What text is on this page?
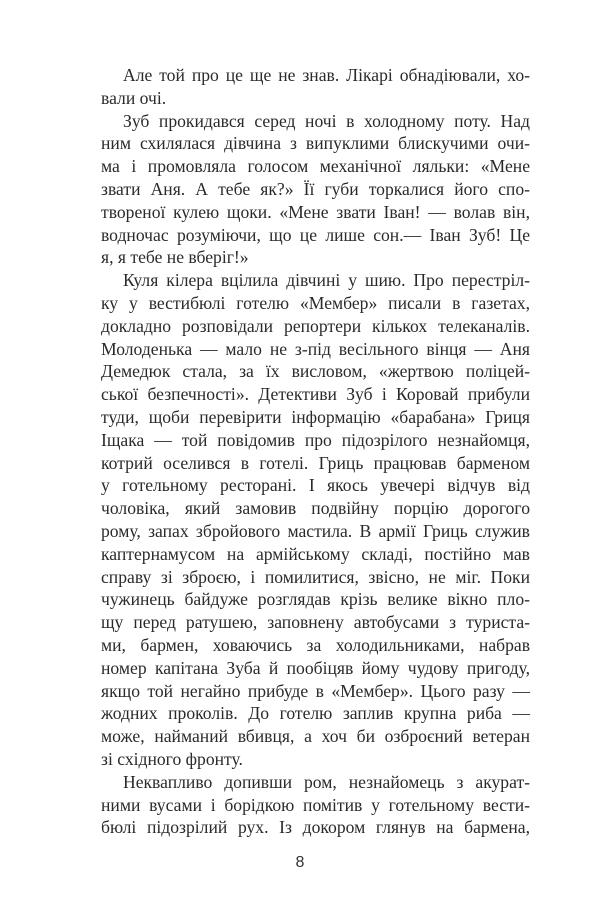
Але той про це ще не знав. Лікарі обнадіювали, хо-
вали очі.
Зуб прокидався серед ночі в холодному поту. Над
ним схилялася дівчина з випуклими блискучими очи-
ма і промовляла голосом механічної ляльки: «Мене
звати Аня. А тебе як?» Її губи торкалися його спо-
твореної кулею щоки. «Мене звати Іван! — волав він,
водночас розуміючи, що це лише сон.— Іван Зуб! Це
я, я тебе не вберіг!»
Куля кілера вцілила дівчині у шию. Про перестріл-
ку у вестибюлі готелю «Мембер» писали в газетах,
докладно розповідали репортери кількох телеканалів.
Молоденька — мало не з-під весільного вінця — Аня
Демедюк стала, за їх висловом, «жертвою поліцей-
ської безпечності». Детективи Зуб і Коровай прибули
туди, щоби перевірити інформацію «барабана» Гриця
Іщака — той повідомив про підозрілого незнайомця,
котрий оселився в готелі. Гриць працював барменом
у готельному ресторані. І якось увечері відчув від
чоловіка, який замовив подвійну порцію дорогого
рому, запах збройового мастила. В армії Гриць служив
каптернамусом на армійському складі, постійно мав
справу зі зброєю, і помилитися, звісно, не міг. Поки
чужинець байдуже розглядав крізь велике вікно пло-
щу перед ратушею, заповнену автобусами з туриста-
ми, бармен, ховаючись за холодильниками, набрав
номер капітана Зуба й пообіцяв йому чудову пригоду,
якщо той негайно прибуде в «Мембер». Цього разу —
жодних проколів. До готелю заплив крупна риба —
може, найманий вбивця, а хоч би озброєний ветеран
зі східного фронту.
Неквапливо допивши ром, незнайомець з акурат-
ними вусами і борідкою помітив у готельному вести-
бюлі підозрілий рух. Із докором глянув на бармена,
8
